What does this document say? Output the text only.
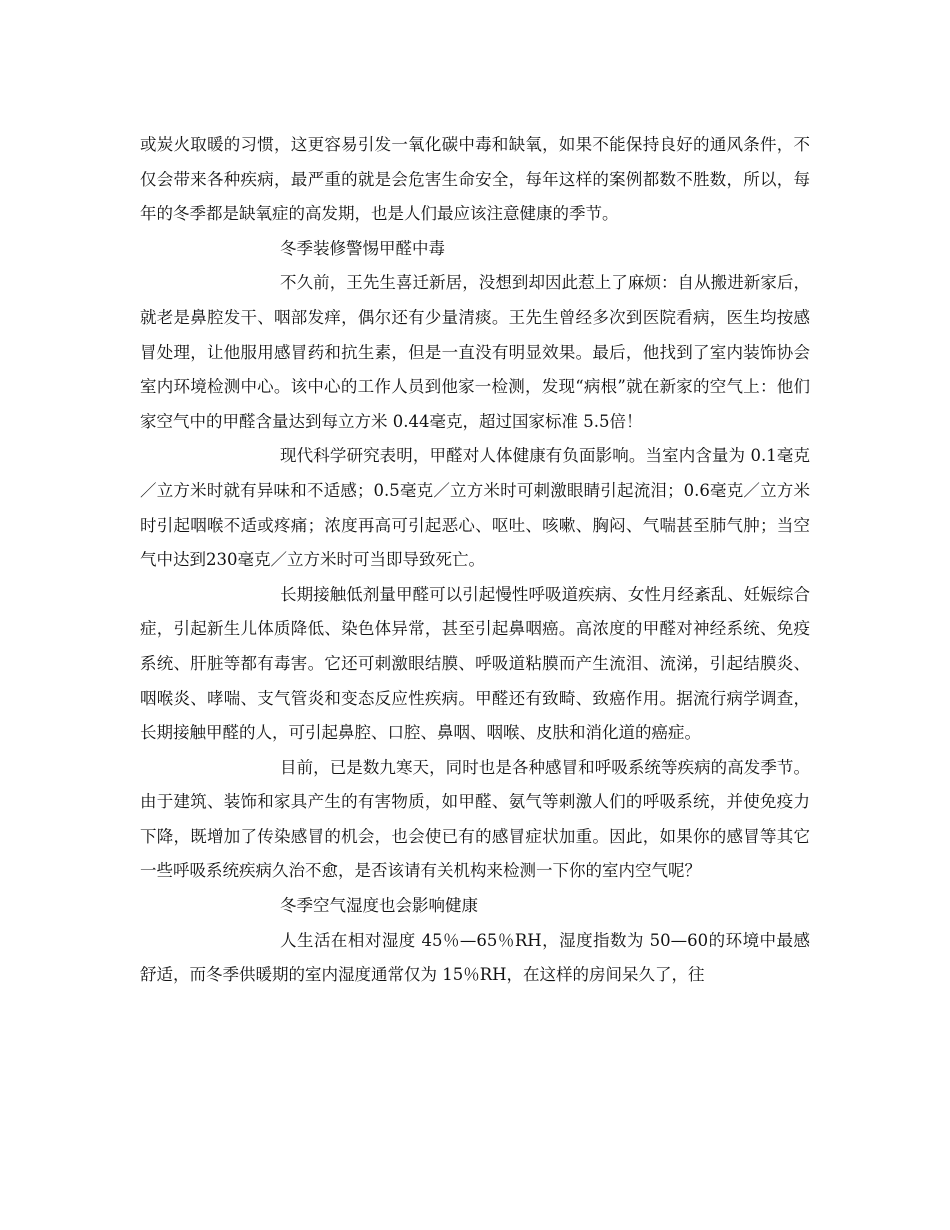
或炭火取暖的习惯，这更容易引发一氧化碳中毒和缺氧，如果不能保持良好的通风条件，不仅会带来各种疾病，最严重的就是会危害生命安全，每年这样的案例都数不胜数，所以，每年的冬季都是缺氧症的高发期，也是人们最应该注意健康的季节。

冬季装修警惕甲醛中毒

不久前，王先生喜迁新居，没想到却因此惹上了麻烦：自从搬进新家后，就老是鼻腔发干、咽部发痒，偶尔还有少量清痰。王先生曾经多次到医院看病，医生均按感冒处理，让他服用感冒药和抗生素，但是一直没有明显效果。最后，他找到了室内装饰协会室内环境检测中心。该中心的工作人员到他家一检测，发现“病根”就在新家的空气上：他们家空气中的甲醛含量达到每立方米 0.44毫克，超过国家标准 5.5倍！

现代科学研究表明，甲醛对人体健康有负面影响。当室内含量为 0.1毫克／立方米时就有异味和不适感；0.5毫克／立方米时可刺激眼睛引起流泪；0.6毫克／立方米时引起咽喉不适或疼痛；浓度再高可引起恶心、呕吐、咳嗽、胸闷、气喘甚至肺气肿；当空气中达到230毫克／立方米时可当即导致死亡。

长期接触低剂量甲醛可以引起慢性呼吸道疾病、女性月经紊乱、妊娠综合症，引起新生儿体质降低、染色体异常，甚至引起鼻咽癌。高浓度的甲醛对神经系统、免疫系统、肝脏等都有毒害。它还可刺激眼结膜、呼吸道粘膜而产生流泪、流涕，引起结膜炎、咽喉炎、哮喘、支气管炎和变态反应性疾病。甲醛还有致畸、致癌作用。据流行病学调查，长期接触甲醛的人，可引起鼻腔、口腔、鼻咽、咽喉、皮肤和消化道的癌症。

目前，已是数九寒天，同时也是各种感冒和呼吸系统等疾病的高发季节。由于建筑、装饰和家具产生的有害物质，如甲醛、氨气等刺激人们的呼吸系统，并使免疫力下降，既增加了传染感冒的机会，也会使已有的感冒症状加重。因此，如果你的感冒等其它一些呼吸系统疾病久治不愈，是否该请有关机构来检测一下你的室内空气呢？

冬季空气湿度也会影响健康

人生活在相对湿度 45％—65％RH，湿度指数为 50—60的环境中最感舒适，而冬季供暖期的室内湿度通常仅为 15％RH，在这样的房间呆久了，往
